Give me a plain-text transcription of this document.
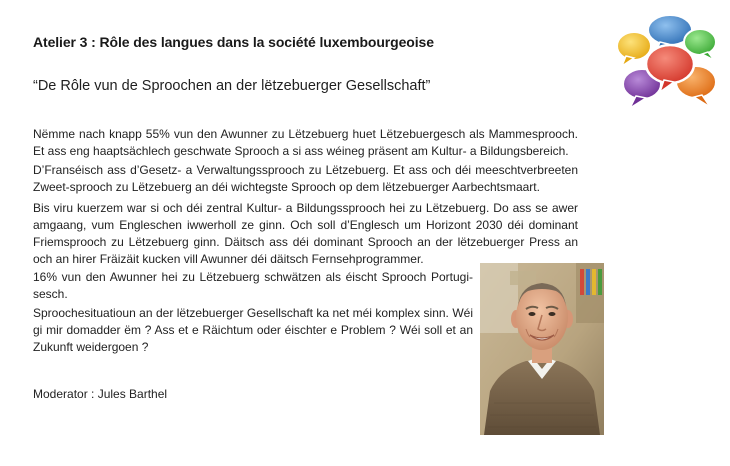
Atelier 3 : Rôle des langues dans la société luxembourgeoise
“De Rôle vun de Sproochen an der lëtzebuerger Gesellschaft”

Nëmme nach knapp 55% vun den Awunner zu Lëtzebuerg huet Lëtzebuergesch als Mammesprooch. Et ass eng haaptsächlech geschwate Sprooch a si ass wéineg präsent am Kultur- a Bildungsbereich.

D’Franséisch ass d’Gesetz- a Verwaltungssprooch zu Lëtzebuerg. Et ass och déi meeschtverbreeten Zweet-sprooch zu Lëtzebuerg an déi wichtegste Sprooch op dem lëtzebuerger Aarbechtsmaart.

Bis viru kuerzem war si och déi zentral Kultur- a Bildungssprooch hei zu Lëtzebuerg. Do ass se awer amgaang, vum Engleschen iwwerholl ze ginn. Och soll d’Englesch um Horizont 2030 déi dominant Friemsprooch zu Lëtzebuerg ginn. Däitsch ass déi dominant Sprooch an der lëtzebuerger Press an och an hirer Fräizäit kucken vill Awunner déi däitsch Fernsehprogrammer.

16% vun den Awunner hei zu Lëtzebuerg schwätzen als éischt Sprooch Portugi-sesch.

Sproochesituatioun an der lëtzebuerger Gesellschaft ka net méi komplex sinn. Wéi gi mir domadder ëm ? Ass et e Räichtum oder éischter e Problem ? Wéi soll et an Zukunft weidergoen ?

Moderator : Jules Barthel
